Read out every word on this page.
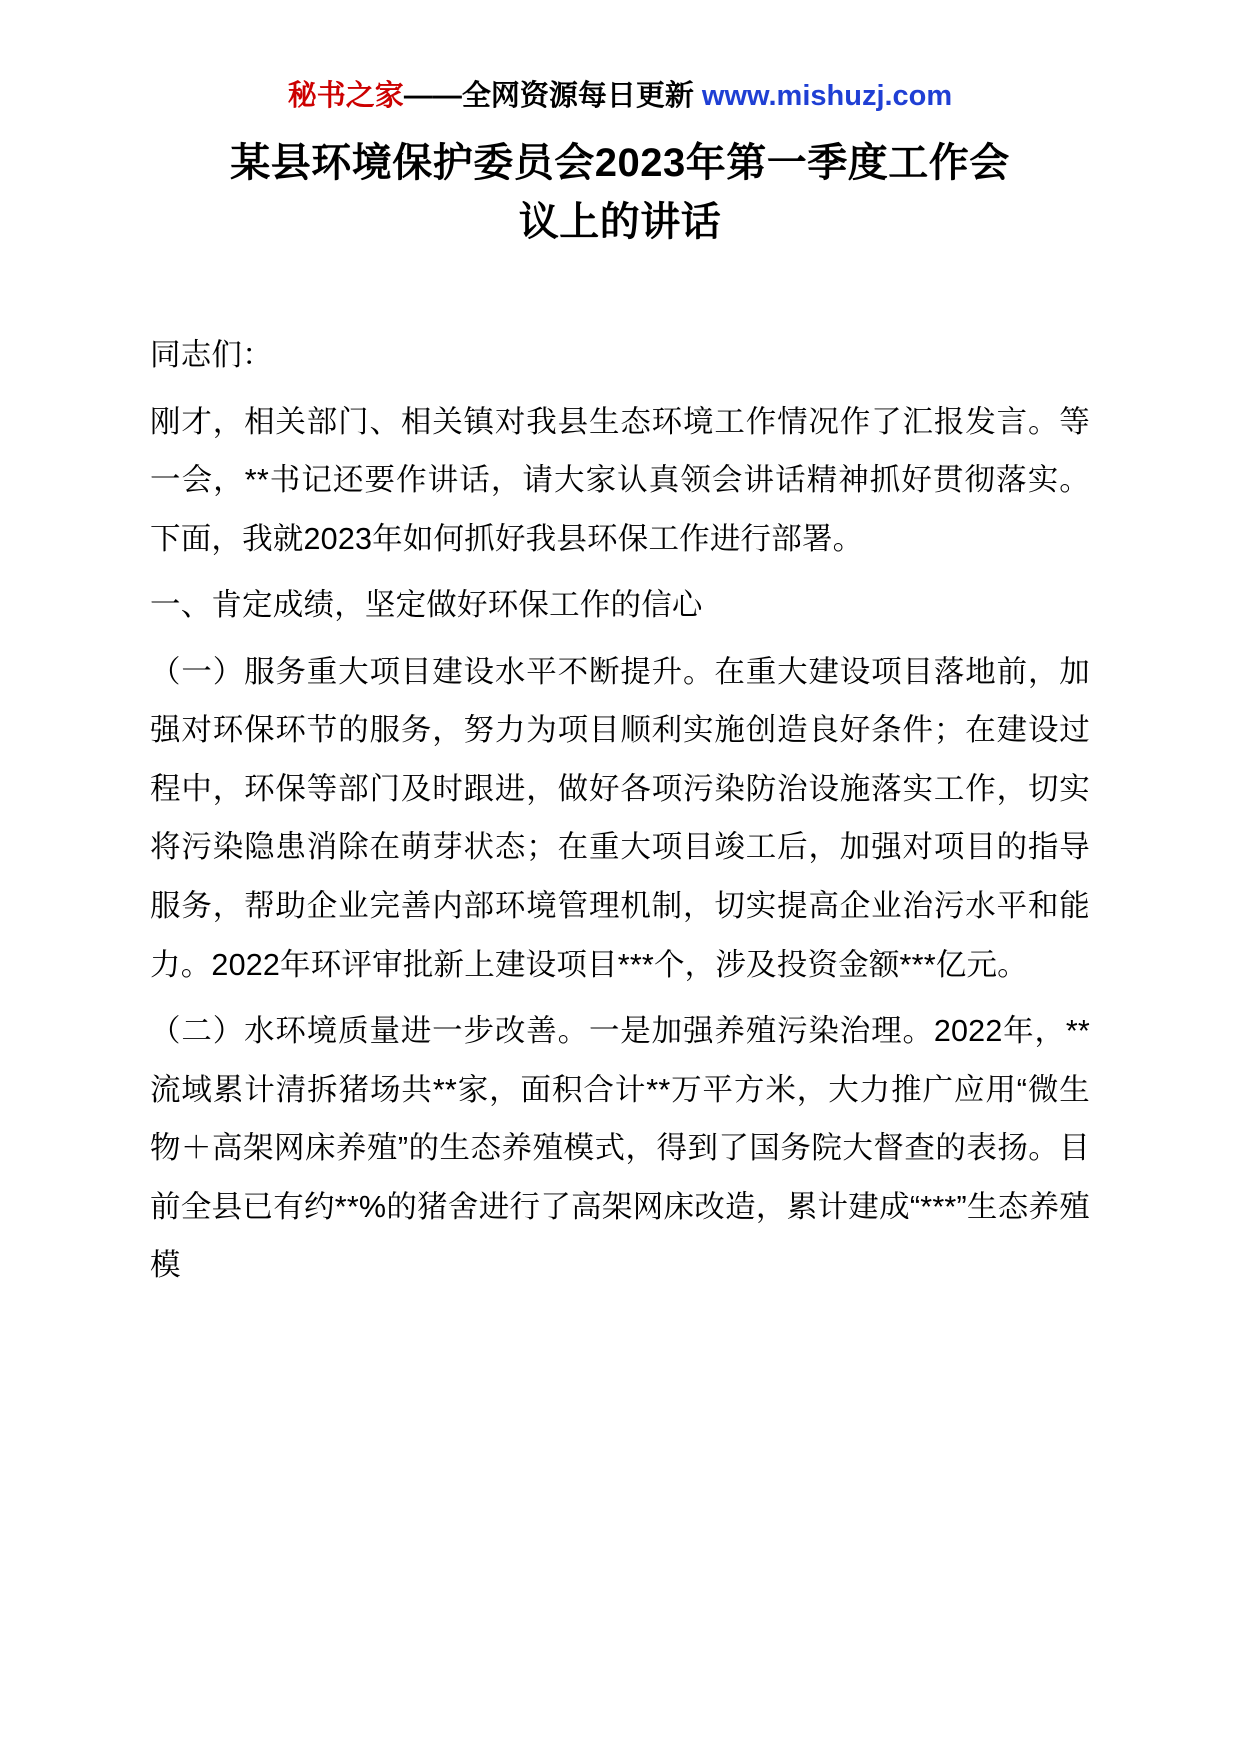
秘书之家——全网资源每日更新 www.mishuzj.com
某县环境保护委员会2023年第一季度工作会议上的讲话

同志们：

刚才，相关部门、相关镇对我县生态环境工作情况作了汇报发言。等一会，**书记还要作讲话，请大家认真领会讲话精神抓好贯彻落实。下面，我就2023年如何抓好我县环保工作进行部署。

一、肯定成绩，坚定做好环保工作的信心

（一）服务重大项目建设水平不断提升。在重大建设项目落地前，加强对环保环节的服务，努力为项目顺利实施创造良好条件；在建设过程中，环保等部门及时跟进，做好各项污染防治设施落实工作，切实将污染隐患消除在萌芽状态；在重大项目竣工后，加强对项目的指导服务，帮助企业完善内部环境管理机制，切实提高企业治污水平和能力。2022年环评审批新上建设项目***个，涉及投资金额***亿元。

（二）水环境质量进一步改善。一是加强养殖污染治理。2022年，**流域累计清拆猪场共**家，面积合计**万平方米，大力推广应用“微生物＋高架网床养殖”的生态养殖模式，得到了国务院大督查的表扬。目前全县已有约**%的猪舍进行了高架网床改造，累计建成“***”生态养殖模
